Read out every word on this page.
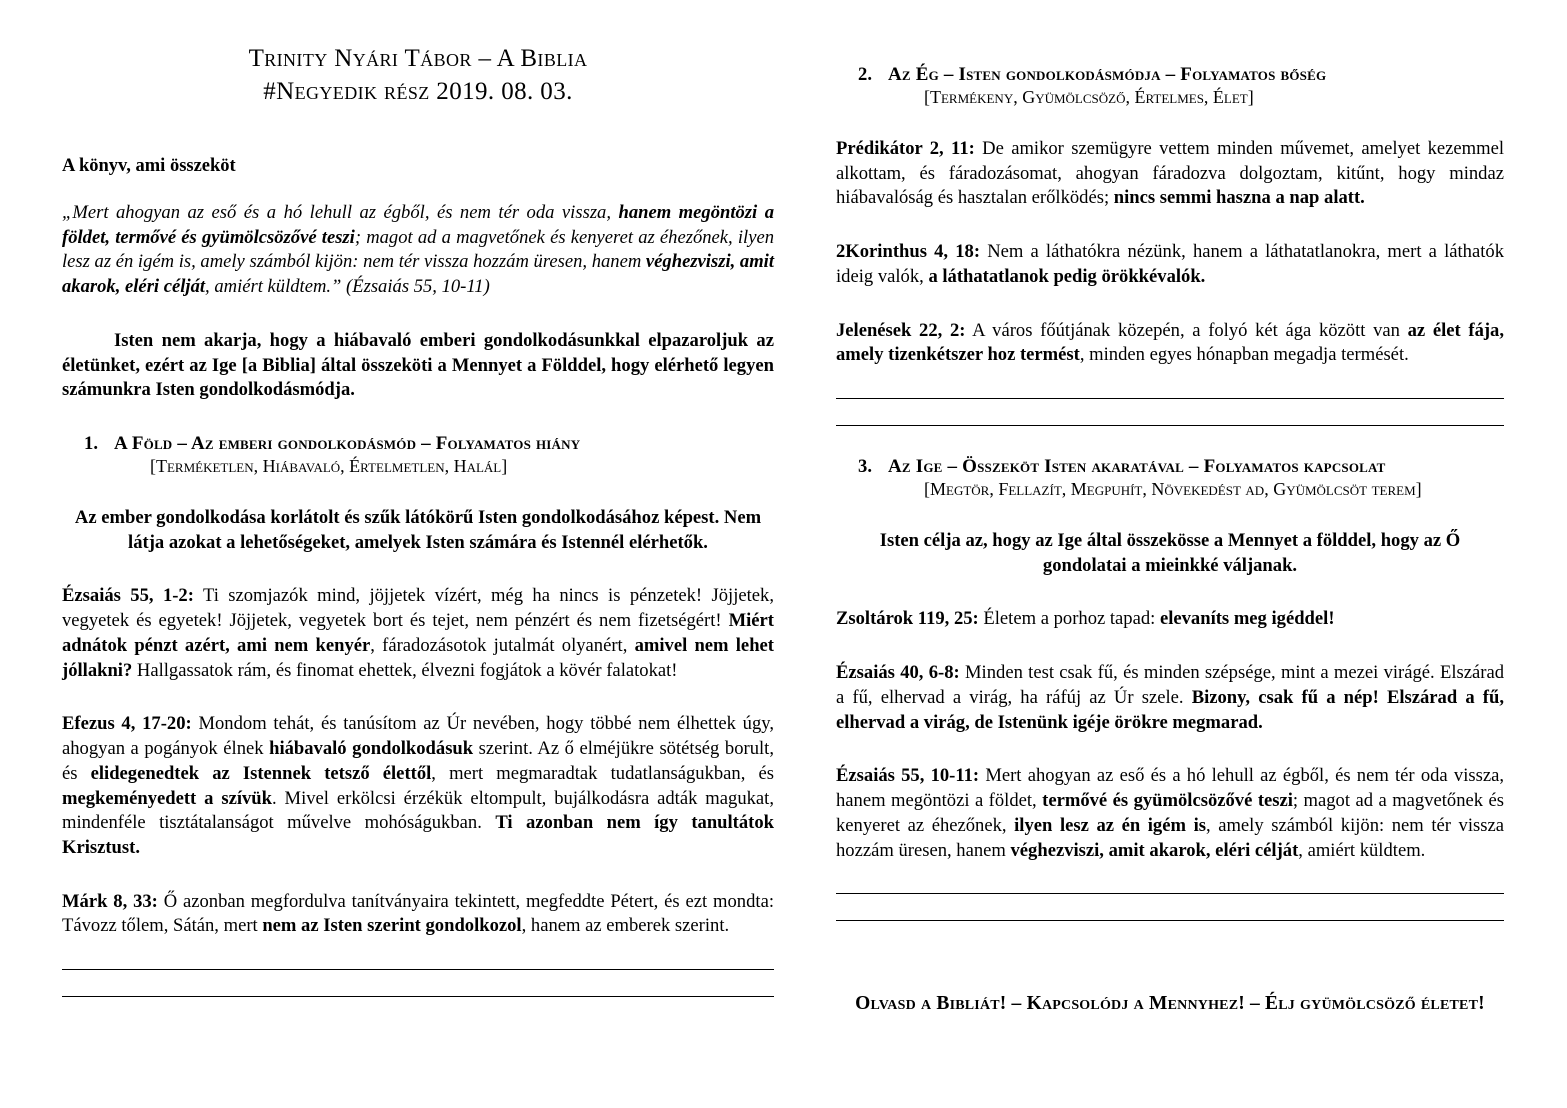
Trinity Nyári Tábor – A Biblia
#Negyedik rész 2019. 08. 03.
A könyv, ami összeköt

„Mert ahogyan az eső és a hó lehull az égből, és nem tér oda vissza, hanem megöntözi a földet, termővé és gyümölcsözővé teszi; magot ad a magvetőnek és kenyeret az éhezőnek, ilyen lesz az én igém is, amely számból kijön: nem tér vissza hozzám üresen, hanem véghezviszi, amit akarok, eléri célját, amiért küldtem.” (Ézsaiás 55, 10-11)

Isten nem akarja, hogy a hiábavaló emberi gondolkodásunkkal elpazaroljuk az életünket, ezért az Ige [a Biblia] által összeköti a Mennyet a Földdel, hogy elérhető legyen számunkra Isten gondolkodásmódja.

1. A Föld – Az emberi gondolkodásmód – Folyamatos hiány
[Terméketlen, Hiábavaló, Értelmetlen, Halál]

Az ember gondolkodása korlátolt és szűk látókörű Isten gondolkodásához képest. Nem látja azokat a lehetőségeket, amelyek Isten számára és Istennél elérhetők.

Ézsaiás 55, 1-2: Ti szomjazók mind, jöjjetek vízért, még ha nincs is pénzetek! Jöjjetek, vegyetek és egyetek! Jöjjetek, vegyetek bort és tejet, nem pénzért és nem fizetségért! Miért adnátok pénzt azért, ami nem kenyér, fáradozásotok jutalmát olyanért, amivel nem lehet jóllakni? Hallgassatok rám, és finomat ehettek, élvezni fogjátok a kövér falatokat!

Efezus 4, 17-20: Mondom tehát, és tanúsítom az Úr nevében, hogy többé nem élhettek úgy, ahogyan a pogányok élnek hiábavaló gondolkodásuk szerint. Az ő elméjükre sötétség borult, és elidegenedtek az Istennek tetsző élettől, mert megmaradtak tudatlanságukban, és megkeményedett a szívük. Mivel erkölcsi érzékük eltompult, bujálkodásra adták magukat, mindenféle tisztátalanságot művelve mohóságukban. Ti azonban nem így tanultátok Krisztust.

Márk 8, 33: Ő azonban megfordulva tanítványaira tekintett, megfeddte Pétert, és ezt mondta: Távozz tőlem, Sátán, mert nem az Isten szerint gondolkozol, hanem az emberek szerint.

2. Az Ég – Isten gondolkodásmódja – Folyamatos bőség
[Termékeny, Gyümölcsöző, Értelmes, Élet]

Prédikátor 2, 11: De amikor szemügyre vettem minden művemet, amelyet kezemmel alkottam, és fáradozásomat, ahogyan fáradozva dolgoztam, kitűnt, hogy mindaz hiábavalóság és hasztalan erőlködés; nincs semmi haszna a nap alatt.

2Korinthus 4, 18: Nem a láthatókra nézünk, hanem a láthatatlanokra, mert a láthatók ideig valók, a láthatatlanok pedig örökkévalók.

Jelenések 22, 2: A város főútjának közepén, a folyó két ága között van az élet fája, amely tizenkétszer hoz termést, minden egyes hónapban megadja termését.

3. Az Ige – Összeköt Isten akaratával – Folyamatos kapcsolat
[Megtör, Fellazít, Megpuhít, Növekedést ad, Gyümölcsöt terem]

Isten célja az, hogy az Ige által összekösse a Mennyet a földdel, hogy az Ő gondolatai a mieinkké váljanak.

Zsoltárok 119, 25: Életem a porhoz tapad: elevaníts meg igéddel!

Ézsaiás 40, 6-8: Minden test csak fű, és minden szépsége, mint a mezei virágé. Elszárad a fű, elhervad a virág, ha ráfúj az Úr szele. Bizony, csak fű a nép! Elszárad a fű, elhervad a virág, de Istenünk igéje örökre megmarad.

Ézsaiás 55, 10-11: Mert ahogyan az eső és a hó lehull az égből, és nem tér oda vissza, hanem megöntözi a földet, termővé és gyümölcsözővé teszi; magot ad a magvetőnek és kenyeret az éhezőnek, ilyen lesz az én igém is, amely számból kijön: nem tér vissza hozzám üresen, hanem véghezviszi, amit akarok, eléri célját, amiért küldtem.

Olvasd a Bibliát! – Kapcsolódj a Mennyhez! – Élj gyümölcsöző életet!
